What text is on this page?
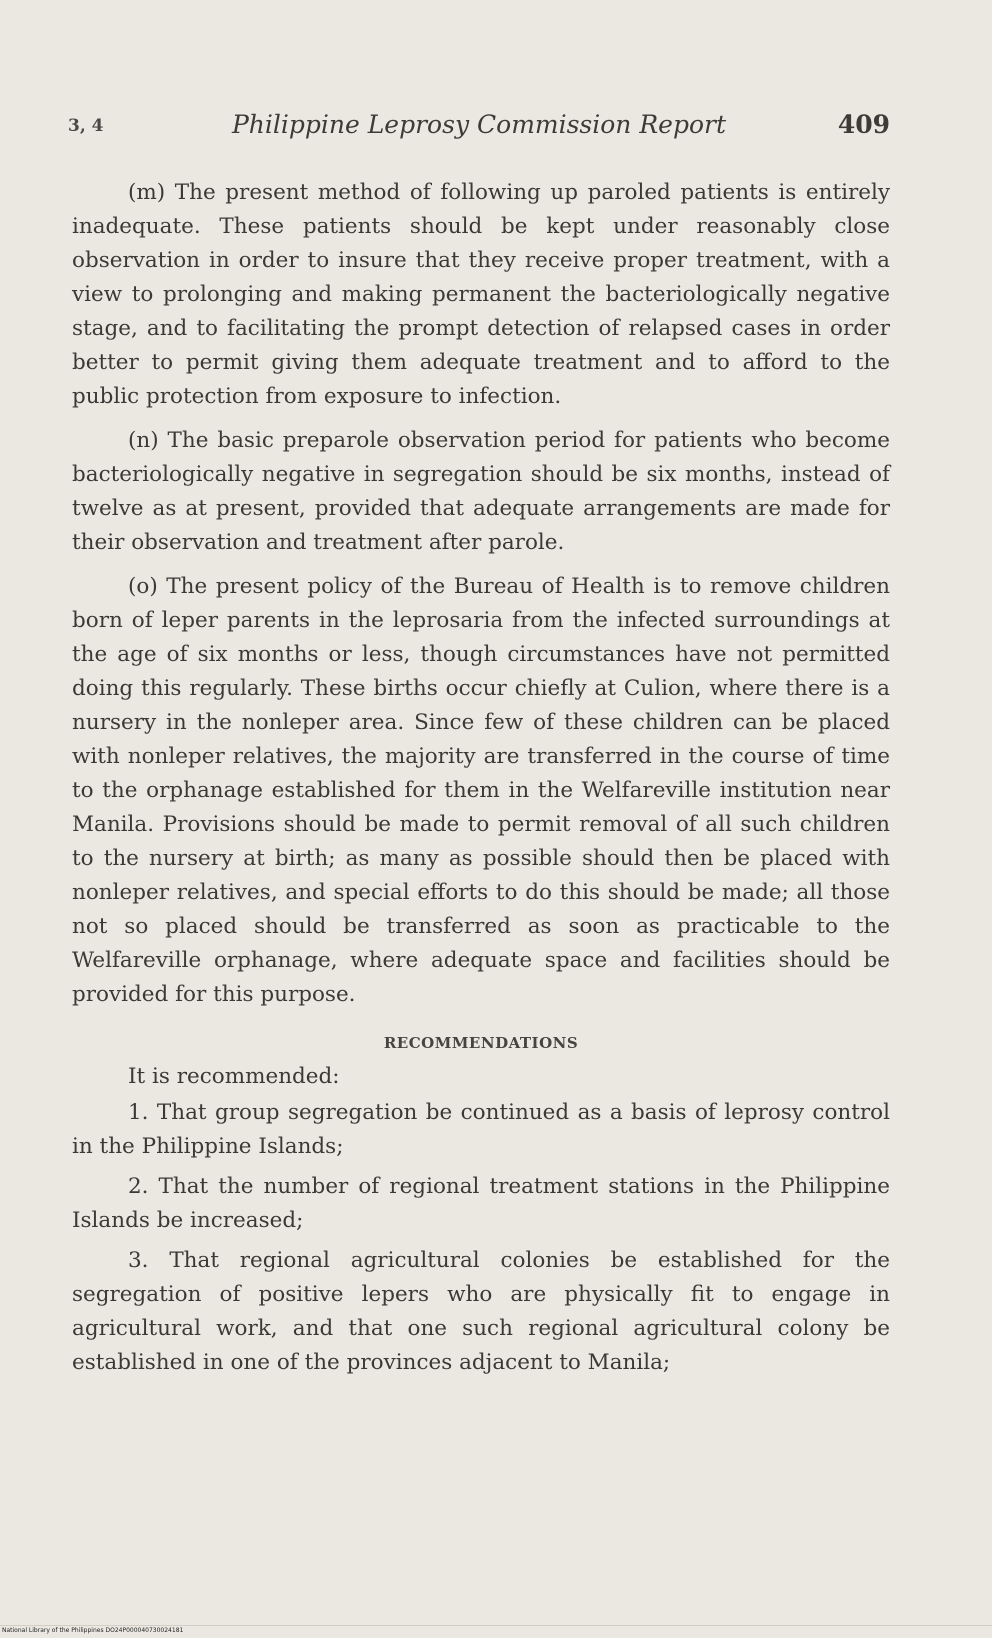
3, 4	Philippine Leprosy Commission Report	409

(m) The present method of following up paroled patients is entirely inadequate. These patients should be kept under reasonably close observation in order to insure that they receive proper treatment, with a view to prolonging and making permanent the bacteriologically negative stage, and to facilitating the prompt detection of relapsed cases in order better to permit giving them adequate treatment and to afford to the public protection from exposure to infection.

(n) The basic preparole observation period for patients who become bacteriologically negative in segregation should be six months, instead of twelve as at present, provided that adequate arrangements are made for their observation and treatment after parole.

(o) The present policy of the Bureau of Health is to remove children born of leper parents in the leprosaria from the infected surroundings at the age of six months or less, though circumstances have not permitted doing this regularly. These births occur chiefly at Culion, where there is a nursery in the nonleper area. Since few of these children can be placed with nonleper relatives, the majority are transferred in the course of time to the orphanage established for them in the Welfareville institution near Manila. Provisions should be made to permit removal of all such children to the nursery at birth; as many as possible should then be placed with nonleper relatives, and special efforts to do this should be made; all those not so placed should be transferred as soon as practicable to the Welfareville orphanage, where adequate space and facilities should be provided for this purpose.

RECOMMENDATIONS

It is recommended:

1. That group segregation be continued as a basis of leprosy control in the Philippine Islands;

2. That the number of regional treatment stations in the Philippine Islands be increased;

3. That regional agricultural colonies be established for the segregation of positive lepers who are physically fit to engage in agricultural work, and that one such regional agricultural colony be established in one of the provinces adjacent to Manila;

National Library of the Philippines DO24P000040730024181
